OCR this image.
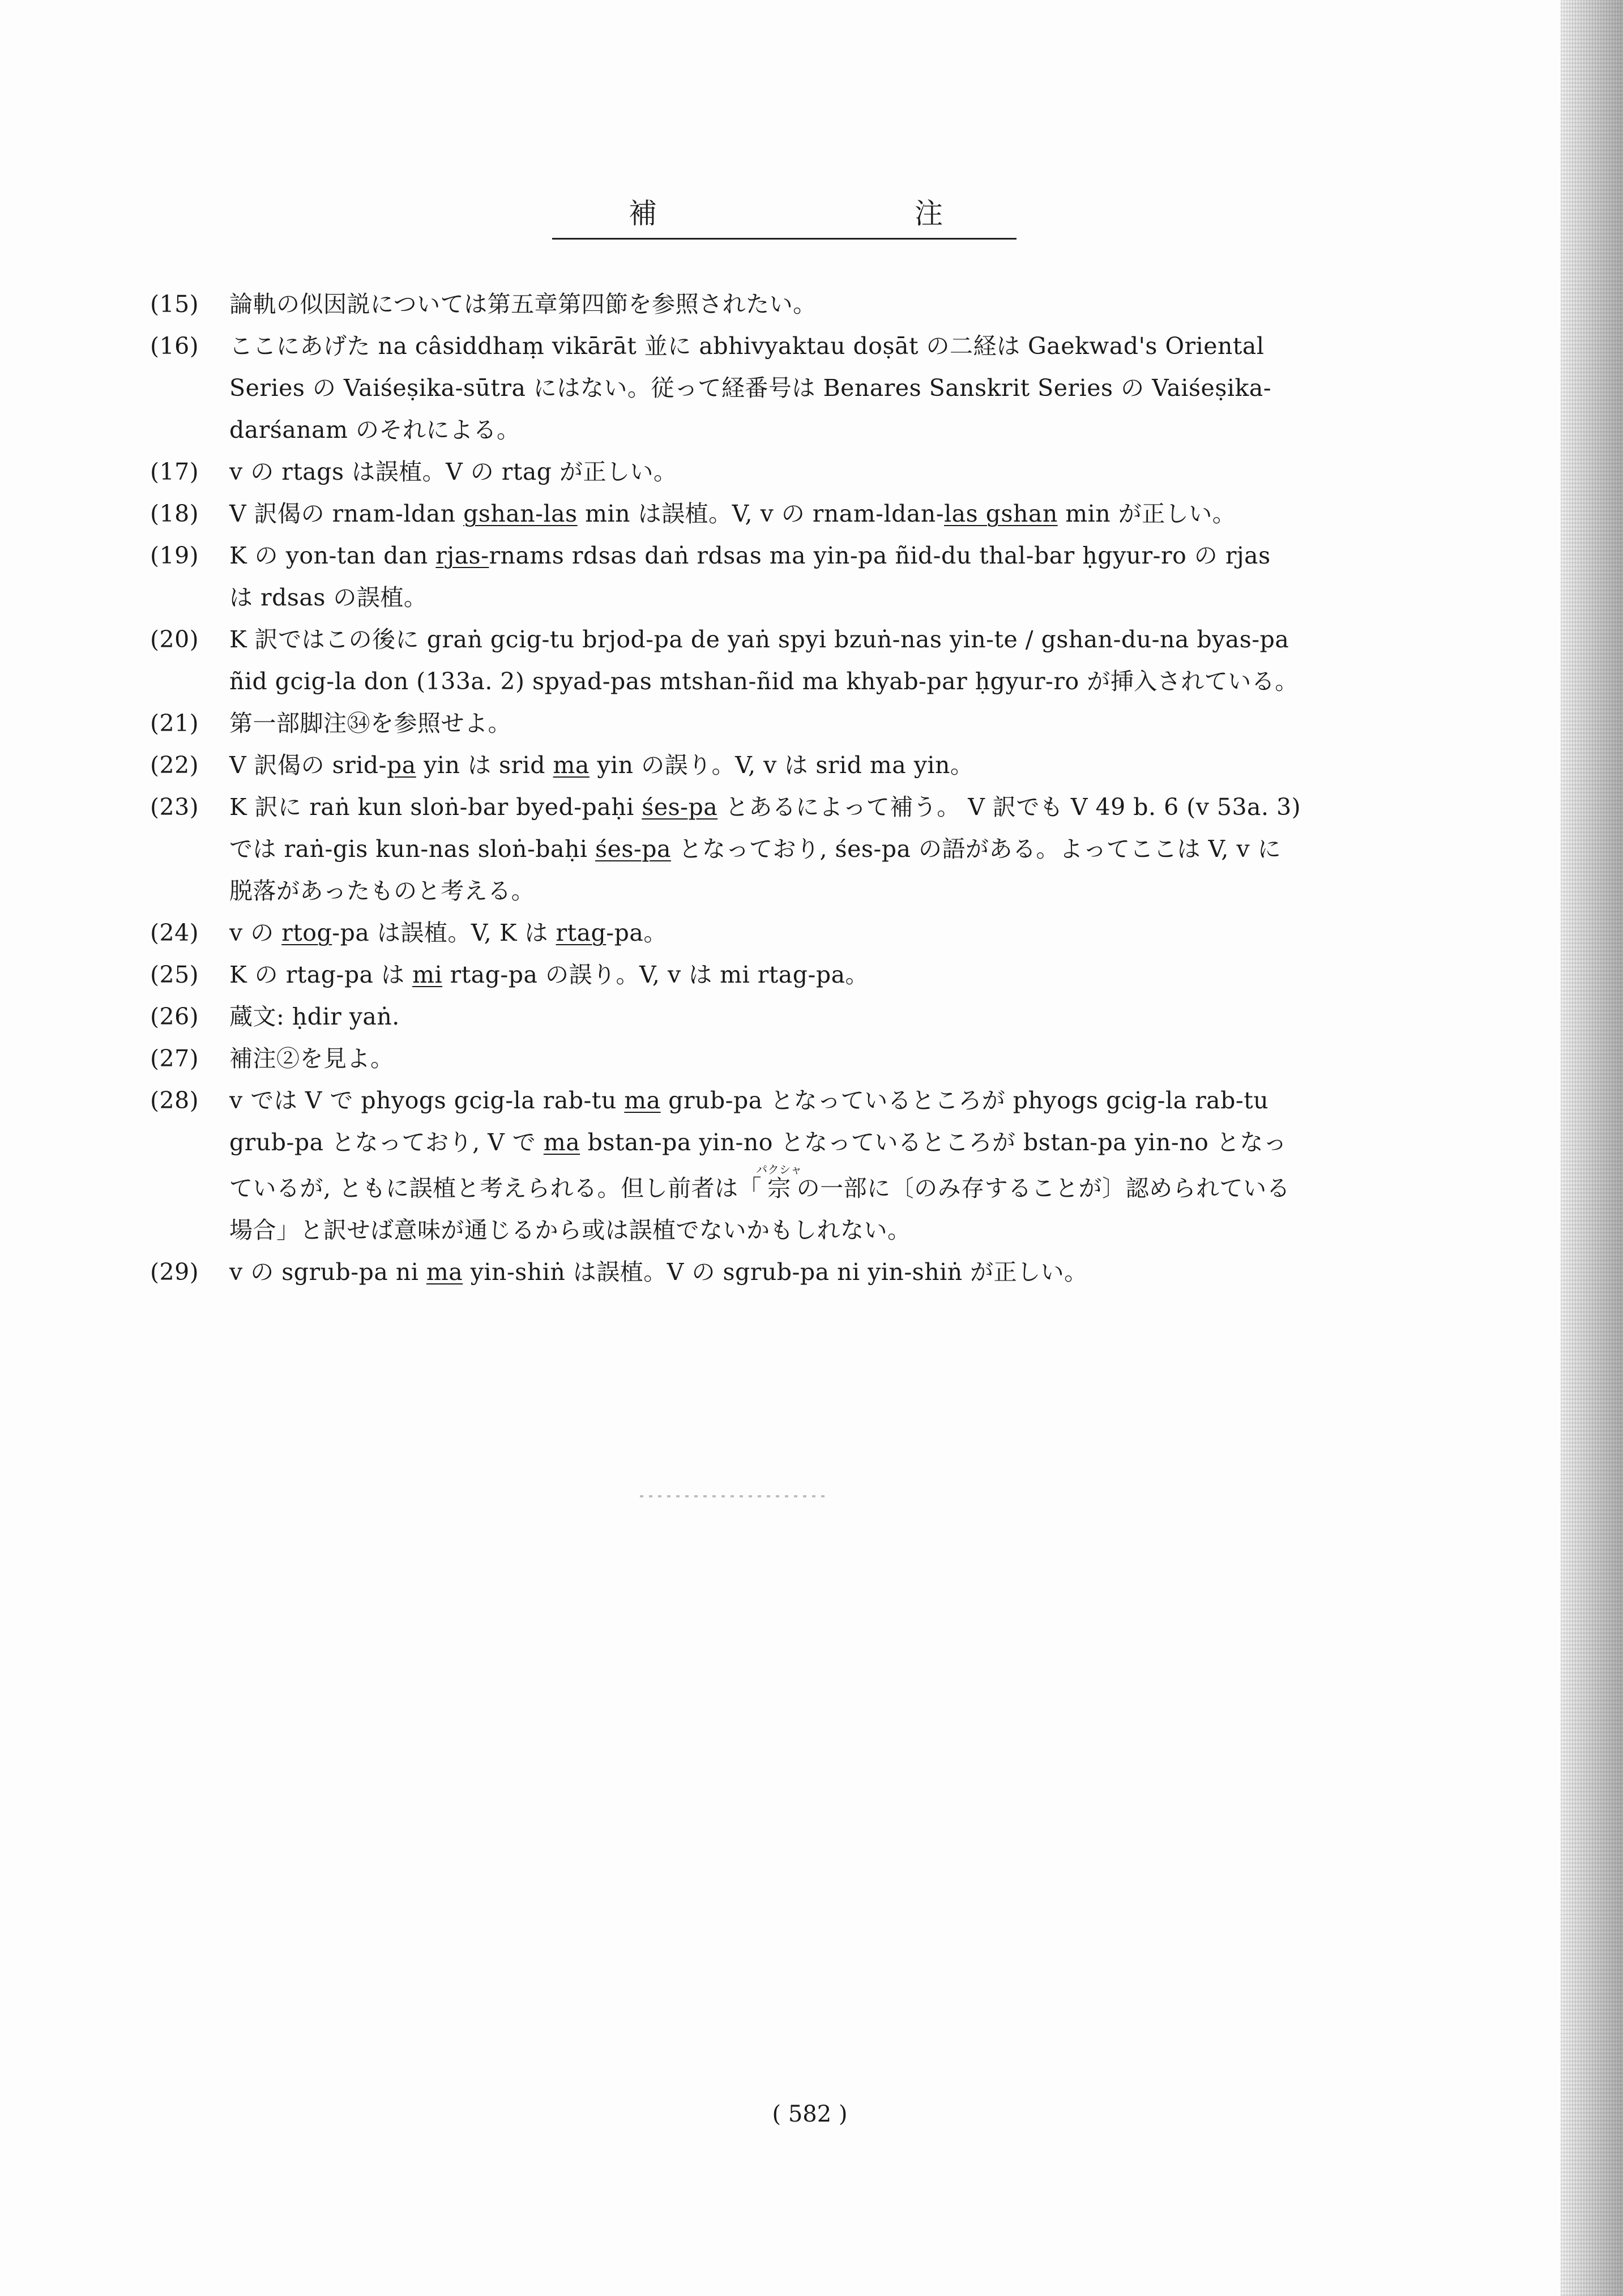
補	注
(15) 論軌の似因説については第五章第四節を参照されたい。
(16) ここにあげた na câsiddhaṃ vikārāt 並に abhivyaktau doṣāt の二経は Gaekwad's Oriental
Series の Vaiśeṣika-sūtra にはない。従って経番号は Benares Sanskrit Series の Vaiśeṣika-
darśanam のそれによる。
(17) v の rtags は誤植。V の rtag が正しい。
(18) V 訳偈の rnam-ldan gshan-las min は誤植。V, v の rnam-ldan-las gshan min が正しい。
(19) K の yon-tan dan rjas-rnams rdsas daṅ rdsas ma yin-pa ñid-du thal-bar ḥgyur-ro の rjas
は rdsas の誤植。
(20) K 訳ではこの後に graṅ gcig-tu brjod-pa de yaṅ spyi bzuṅ-nas yin-te / gshan-du-na byas-pa
ñid gcig-la don (133a. 2) spyad-pas mtshan-ñid ma khyab-par ḥgyur-ro が挿入されている。
(21) 第一部脚注㉞を参照せよ。
(22) V 訳偈の srid-pa yin は srid ma yin の誤り。V, v は srid ma yin。
(23) K 訳に raṅ kun sloṅ-bar byed-paḥi śes-pa とあるによって補う。 V 訳でも V 49 b. 6 (v 53a. 3)
では raṅ-gis kun-nas sloṅ-baḥi śes-pa となっており, śes-pa の語がある。よってここは V, v に
脱落があったものと考える。
(24) v の rtog-pa は誤植。V, K は rtag-pa。
(25) K の rtag-pa は mi rtag-pa の誤り。V, v は mi rtag-pa。
(26) 蔵文: ḥdir yaṅ.
(27) 補注②を見よ。
(28) v では V で phyogs gcig-la rab-tu ma grub-pa となっているところが phyogs gcig-la rab-tu
grub-pa となっており, V で ma bstan-pa yin-no となっているところが bstan-pa yin-no となっ
ているが, ともに誤植と考えられる。但し前者は「宗パクシャの一部に〔のみ存することが〕認められている
場合」と訳せば意味が通じるから或は誤植でないかもしれない。
(29) v の sgrub-pa ni ma yin-shiṅ は誤植。V の sgrub-pa ni yin-shiṅ が正しい。
( 582 )
